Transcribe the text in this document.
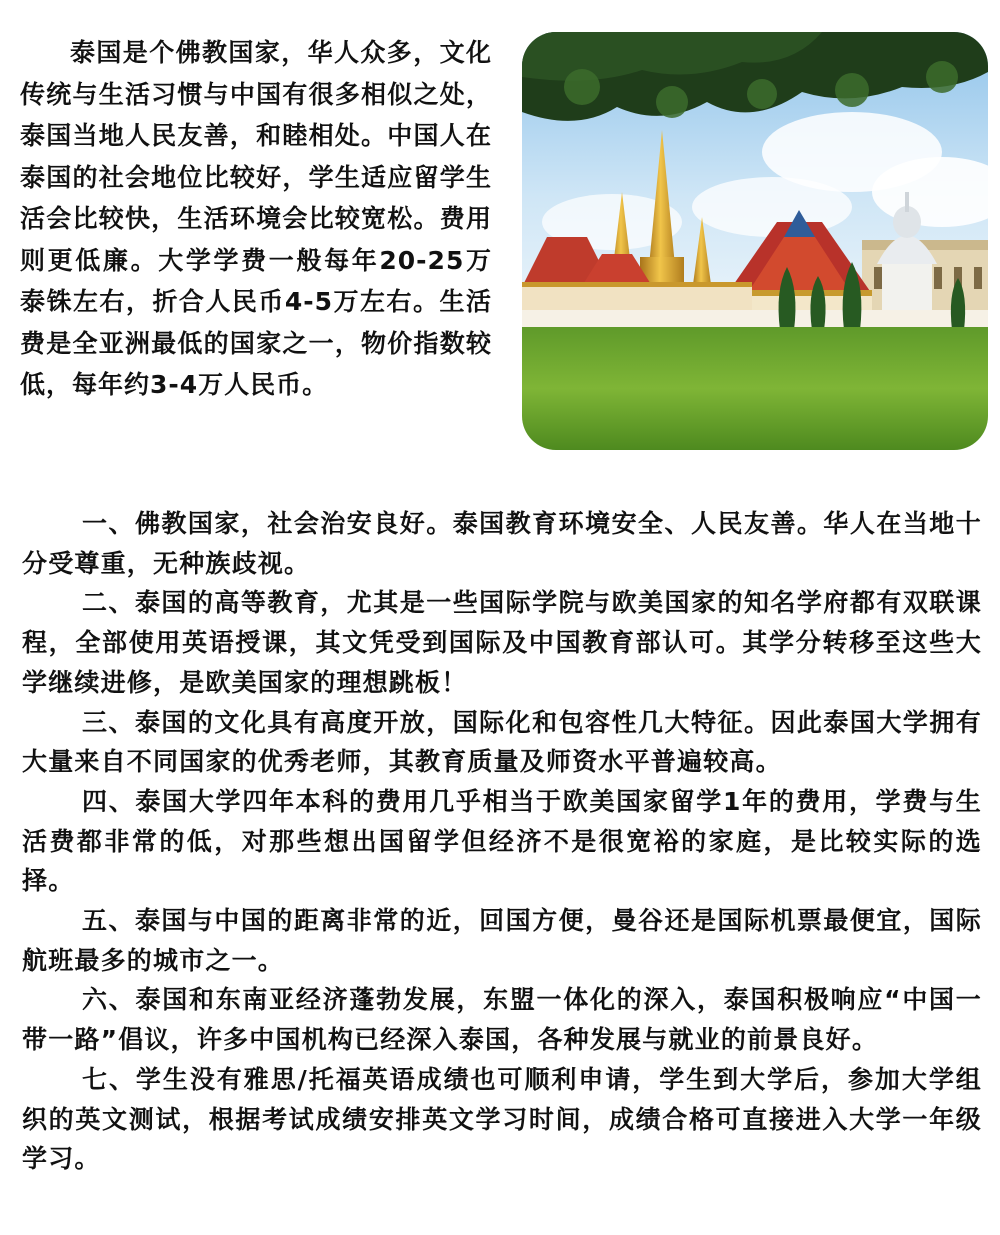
泰国是个佛教国家，华人众多，文化传统与生活习惯与中国有很多相似之处，泰国当地人民友善，和睦相处。中国人在泰国的社会地位比较好，学生适应留学生活会比较快，生活环境会比较宽松。费用则更低廉。大学学费一般每年20-25万泰铢左右，折合人民币4-5万左右。生活费是全亚洲最低的国家之一，物价指数较低，每年约3-4万人民币。

一、佛教国家，社会治安良好。泰国教育环境安全、人民友善。华人在当地十分受尊重，无种族歧视。

二、泰国的高等教育，尤其是一些国际学院与欧美国家的知名学府都有双联课程，全部使用英语授课，其文凭受到国际及中国教育部认可。其学分转移至这些大学继续进修，是欧美国家的理想跳板！

三、泰国的文化具有高度开放，国际化和包容性几大特征。因此泰国大学拥有大量来自不同国家的优秀老师，其教育质量及师资水平普遍较高。

四、泰国大学四年本科的费用几乎相当于欧美国家留学1年的费用，学费与生活费都非常的低，对那些想出国留学但经济不是很宽裕的家庭，是比较实际的选择。

五、泰国与中国的距离非常的近，回国方便，曼谷还是国际机票最便宜，国际航班最多的城市之一。

六、泰国和东南亚经济蓬勃发展，东盟一体化的深入，泰国积极响应“中国一带一路”倡议，许多中国机构已经深入泰国，各种发展与就业的前景良好。

七、学生没有雅思/托福英语成绩也可顺利申请，学生到大学后，参加大学组织的英文测试，根据考试成绩安排英文学习时间，成绩合格可直接进入大学一年级学习。
